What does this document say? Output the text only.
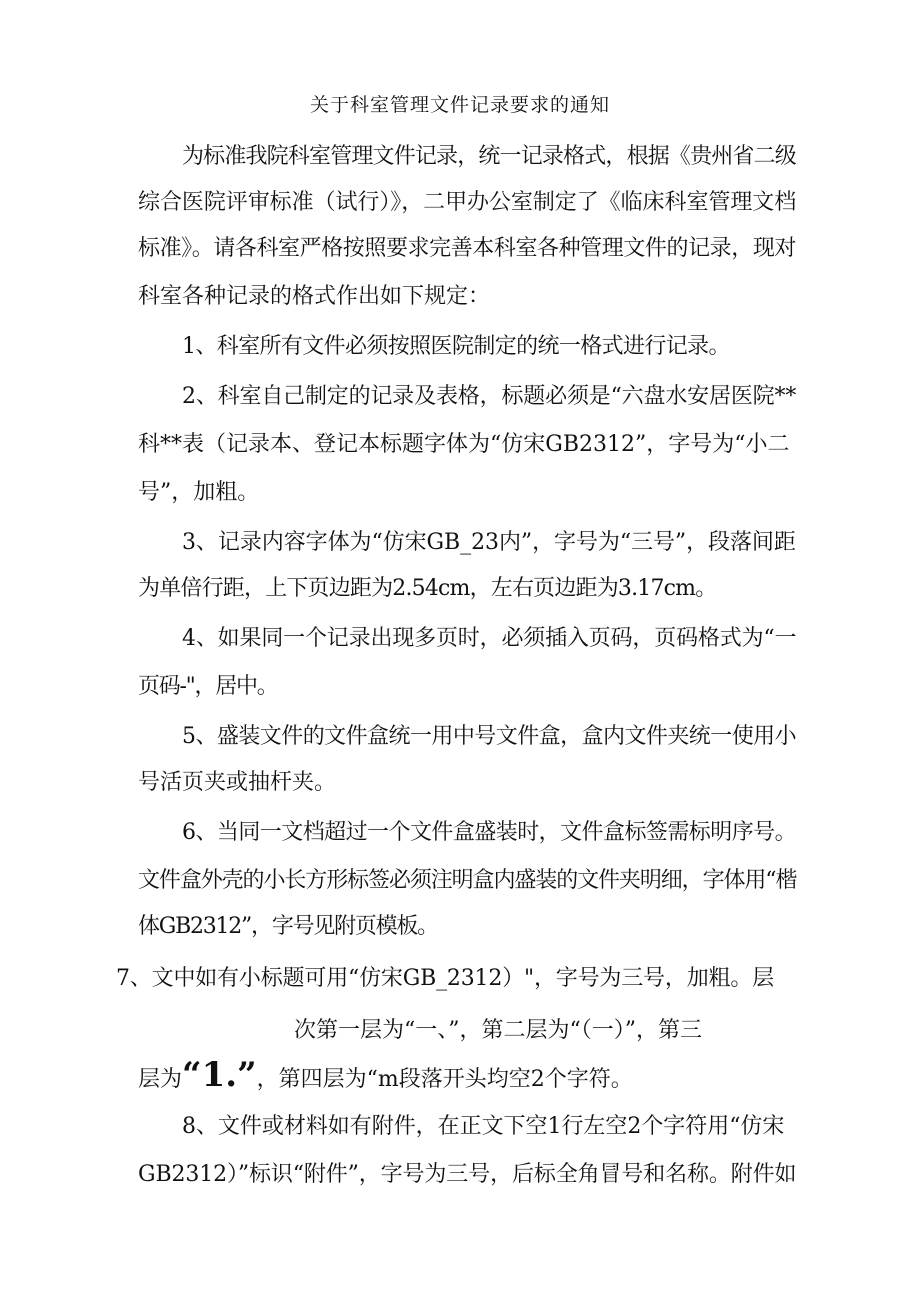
关于科室管理文件记录要求的通知
为标准我院科室管理文件记录，统一记录格式，根据《贵州省二级
综合医院评审标准（试行）》，二甲办公室制定了《临床科室管理文档
标准》。请各科室严格按照要求完善本科室各种管理文件的记录，现对
科室各种记录的格式作出如下规定：
1、科室所有文件必须按照医院制定的统一格式进行记录。
2、科室自己制定的记录及表格，标题必须是“六盘水安居医院**
科**表（记录本、登记本标题字体为“仿宋GB2312”，字号为“小二
号”，加粗。
3、记录内容字体为“仿宋GB_23内”，字号为“三号”，段落间距
为单倍行距，上下页边距为2.54cm，左右页边距为3.17cm。
4、如果同一个记录出现多页时，必须插入页码，页码格式为“一
页码-"，居中。
5、盛装文件的文件盒统一用中号文件盒，盒内文件夹统一使用小
号活页夹或抽杆夹。
6、当同一文档超过一个文件盒盛装时，文件盒标签需标明序号。
文件盒外壳的小长方形标签必须注明盒内盛装的文件夹明细，字体用“楷
体GB2312”，字号见附页模板。
7、文中如有小标题可用“仿宋GB_2312）"，字号为三号，加粗。层
次第一层为“一、”，第二层为“（一）”，第三
层为“1.”，第四层为“m段落开头均空2个字符。
8、文件或材料如有附件，在正文下空1行左空2个字符用“仿宋
GB2312）”标识“附件”，字号为三号，后标全角冒号和名称。附件如
